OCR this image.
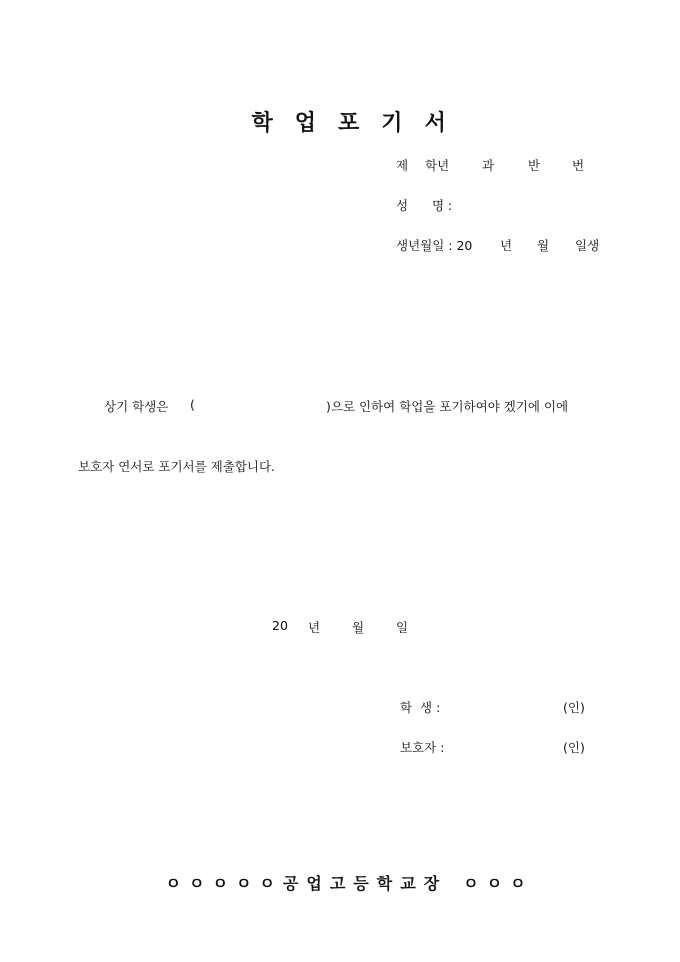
학 업 포 기 서

제 학년	과	반	번
성 명 :
생년월일 : 20 년 월 일생
상기 학생은 (	)으로 인하여 학업을 포기하여야 겠기에 이에
보호자 연서로 포기서를 제출합니다.
20 년	월	일
학  생 :	(인)
보호자 :	(인)

ㅇ ㅇ ㅇ ㅇ ㅇ 공 업 고 등 학 교 장 ㅇ ㅇ ㅇ
